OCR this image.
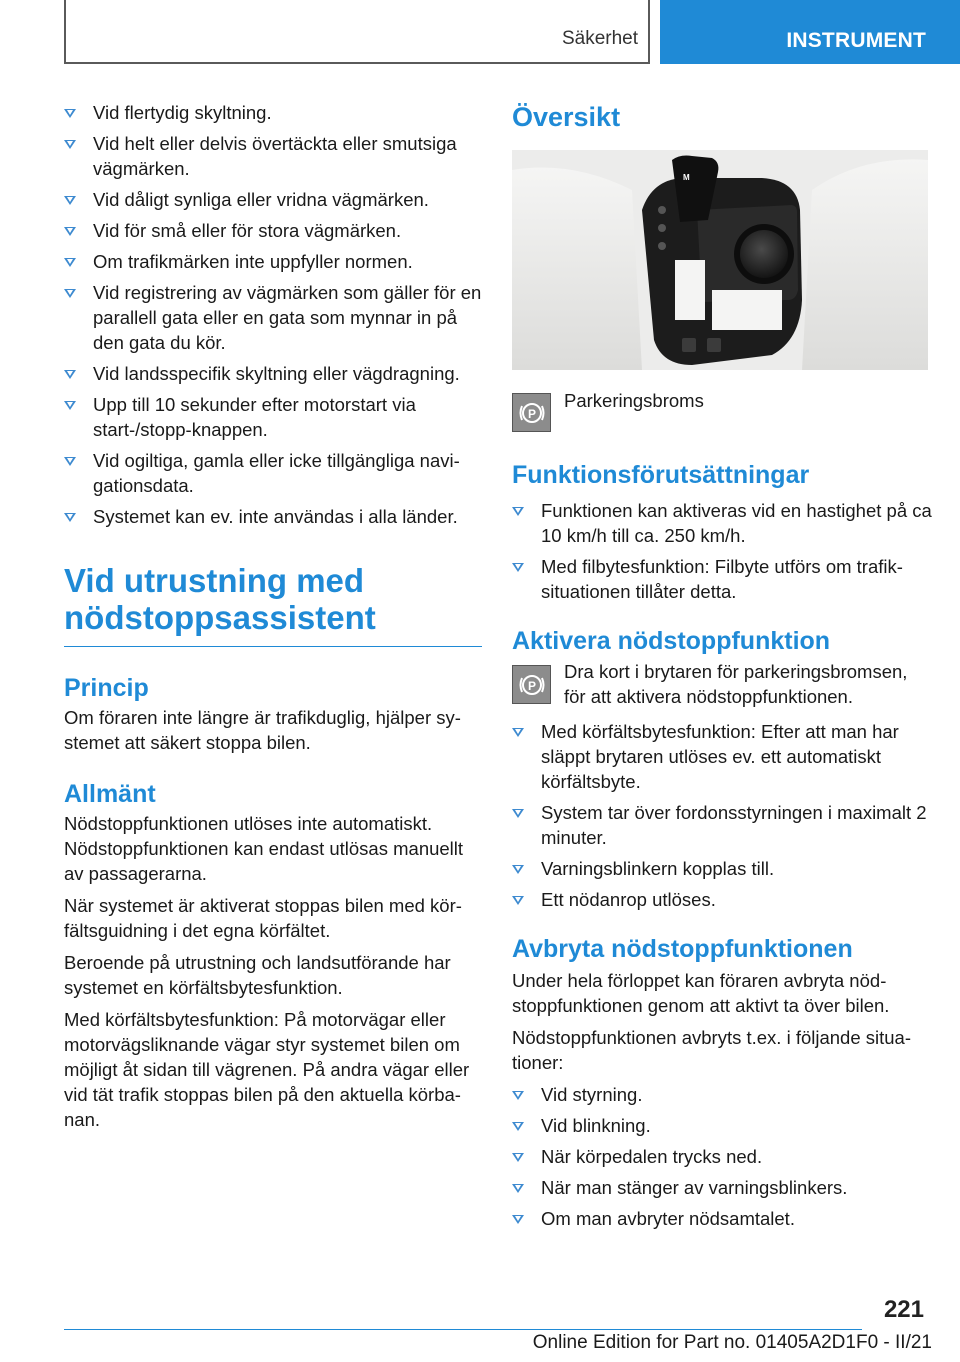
Säkerhet	INSTRUMENT
Vid flertydig skyltning.
Vid helt eller delvis övertäckta eller smutsiga vägmärken.
Vid dåligt synliga eller vridna vägmärken.
Vid för små eller för stora vägmärken.
Om trafikmärken inte uppfyller normen.
Vid registrering av vägmärken som gäller för en parallell gata eller en gata som mynnar in på den gata du kör.
Vid landsspecifik skyltning eller vägdragning.
Upp till 10 sekunder efter motorstart via start-/stopp-knappen.
Vid ogiltiga, gamla eller icke tillgängliga navigationsdata.
Systemet kan ev. inte användas i alla länder.
Vid utrustning med nödstoppsassistent
Princip

Om föraren inte längre är trafikduglig, hjälper systemet att säkert stoppa bilen.

Allmänt

Nödstoppfunktionen utlöses inte automatiskt. Nödstoppfunktionen kan endast utlösas manuellt av passagerarna.

När systemet är aktiverat stoppas bilen med körfältsguidning i det egna körfältet.

Beroende på utrustning och landsutförande har systemet en körfältsbytesfunktion.

Med körfältsbytesfunktion: På motorvägar eller motorvägsliknande vägar styr systemet bilen om möjligt åt sidan till vägrenen. På andra vägar eller vid tät trafik stoppas bilen på den aktuella körbanan.

Översikt
M
P
Parkeringsbroms
Funktionsförutsättningar
Funktionen kan aktiveras vid en hastighet på ca 10 km/h till ca. 250 km/h.
Med filbytesfunktion: Filbyte utförs om trafiksituationen tillåter detta.
Aktivera nödstoppfunktion
P
Dra kort i brytaren för parkeringsbromsen, för att aktivera nödstoppfunktionen.
Med körfältsbytesfunktion: Efter att man har släppt brytaren utlöses ev. ett automatiskt körfältsbyte.
System tar över fordonsstyrningen i maximalt 2 minuter.
Varningsblinkern kopplas till.
Ett nödanrop utlöses.
Avbryta nödstoppfunktionen

Under hela förloppet kan föraren avbryta nödstoppfunktionen genom att aktivt ta över bilen.

Nödstoppfunktionen avbryts t.ex. i följande situationer:

Vid styrning.
Vid blinkning.
När körpedalen trycks ned.
När man stänger av varningsblinkers.
Om man avbryter nödsamtalet.
221
Online Edition for Part no. 01405A2D1F0 - II/21
